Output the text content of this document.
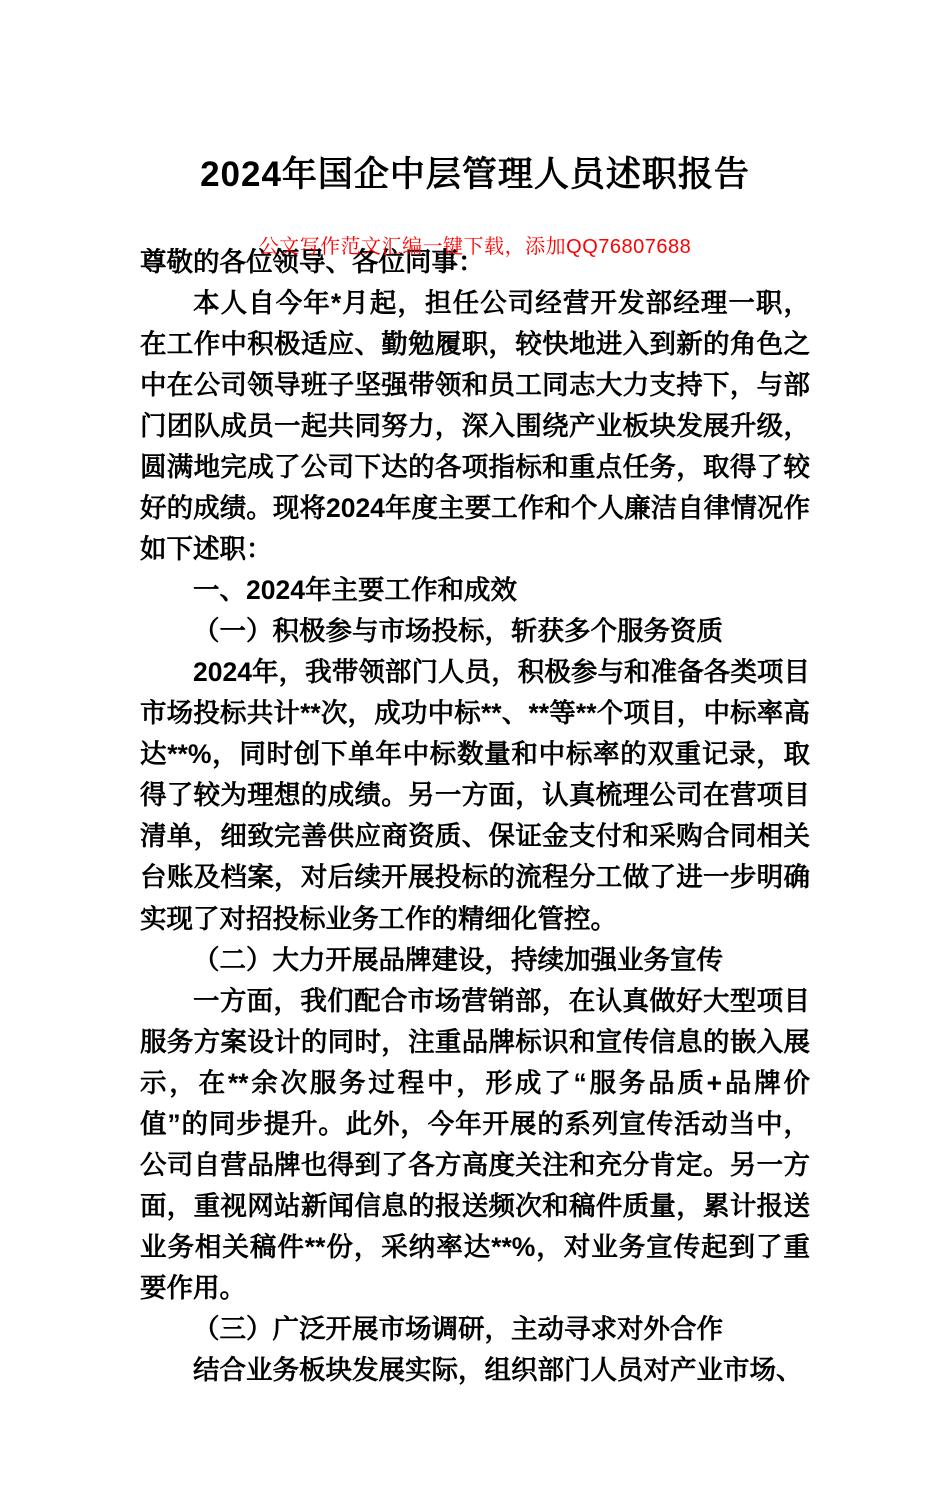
公文写作范文汇编一键下载，添加QQ76807688
2024年国企中层管理人员述职报告

尊敬的各位领导、各位同事：

本人自今年*月起，担任公司经营开发部经理一职，在工作中积极适应、勤勉履职，较快地进入到新的角色之中在公司领导班子坚强带领和员工同志大力支持下，与部门团队成员一起共同努力，深入围绕产业板块发展升级，圆满地完成了公司下达的各项指标和重点任务，取得了较好的成绩。现将2024年度主要工作和个人廉洁自律情况作如下述职：

一、2024年主要工作和成效

（一）积极参与市场投标，斩获多个服务资质

2024年，我带领部门人员，积极参与和准备各类项目市场投标共计**次，成功中标**、**等**个项目，中标率高达**%，同时创下单年中标数量和中标率的双重记录，取得了较为理想的成绩。另一方面，认真梳理公司在营项目清单，细致完善供应商资质、保证金支付和采购合同相关台账及档案，对后续开展投标的流程分工做了进一步明确实现了对招投标业务工作的精细化管控。

（二）大力开展品牌建设，持续加强业务宣传

一方面，我们配合市场营销部，在认真做好大型项目服务方案设计的同时，注重品牌标识和宣传信息的嵌入展示，在**余次服务过程中，形成了“服务品质+品牌价值”的同步提升。此外，今年开展的系列宣传活动当中，公司自营品牌也得到了各方高度关注和充分肯定。另一方面，重视网站新闻信息的报送频次和稿件质量，累计报送业务相关稿件**份，采纳率达**%，对业务宣传起到了重要作用。

（三）广泛开展市场调研，主动寻求对外合作

结合业务板块发展实际，组织部门人员对产业市场、
